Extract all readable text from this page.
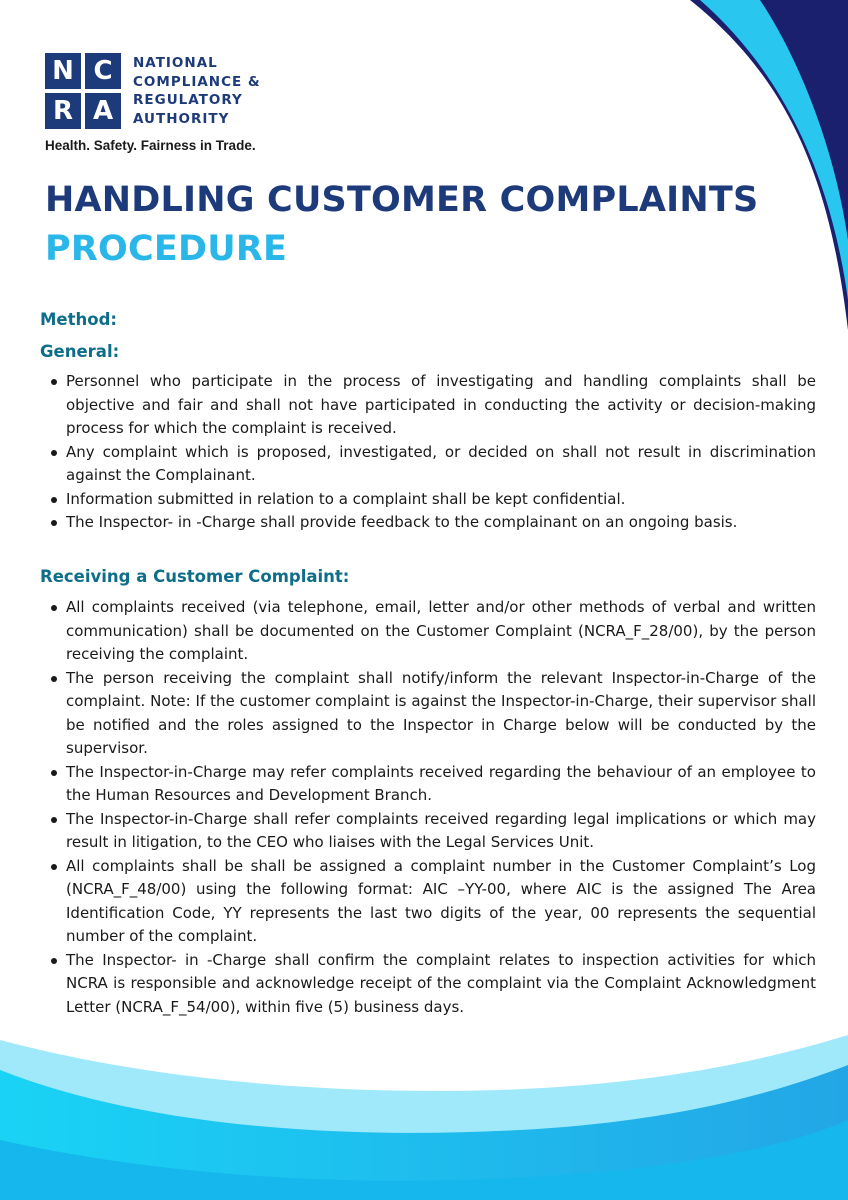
N C
R A
NATIONAL
COMPLIANCE &
REGULATORY
AUTHORITY
Health. Safety. Fairness in Trade.
HANDLING CUSTOMER COMPLAINTS
PROCEDURE
Method:
General:
Personnel who participate in the process of investigating and handling complaints shall be objective and fair and shall not have participated in conducting the activity or decision-making process for which the complaint is received.
Any complaint which is proposed, investigated, or decided on shall not result in discrimination against the Complainant.
Information submitted in relation to a complaint shall be kept confidential.
The Inspector- in -Charge shall provide feedback to the complainant on an ongoing basis.
Receiving a Customer Complaint:
All complaints received (via telephone, email, letter and/or other methods of verbal and written communication) shall be documented on the Customer Complaint (NCRA_F_28/00), by the person receiving the complaint.
The person receiving the complaint shall notify/inform the relevant Inspector-in-Charge of the complaint. Note: If the customer complaint is against the Inspector-in-Charge, their supervisor shall be notified and the roles assigned to the Inspector in Charge below will be conducted by the supervisor.
The Inspector-in-Charge may refer complaints received regarding the behaviour of an employee to the Human Resources and Development Branch.
The Inspector-in-Charge shall refer complaints received regarding legal implications or which may result in litigation, to the CEO who liaises with the Legal Services Unit.
All complaints shall be shall be assigned a complaint number in the Customer Complaint’s Log (NCRA_F_48/00) using the following format: AIC –YY-00, where AIC is the assigned The Area Identification Code, YY represents the last two digits of the year, 00 represents the sequential number of the complaint.
The Inspector- in -Charge shall confirm the complaint relates to inspection activities for which NCRA is responsible and acknowledge receipt of the complaint via the Complaint Acknowledgment Letter (NCRA_F_54/00), within five (5) business days.
